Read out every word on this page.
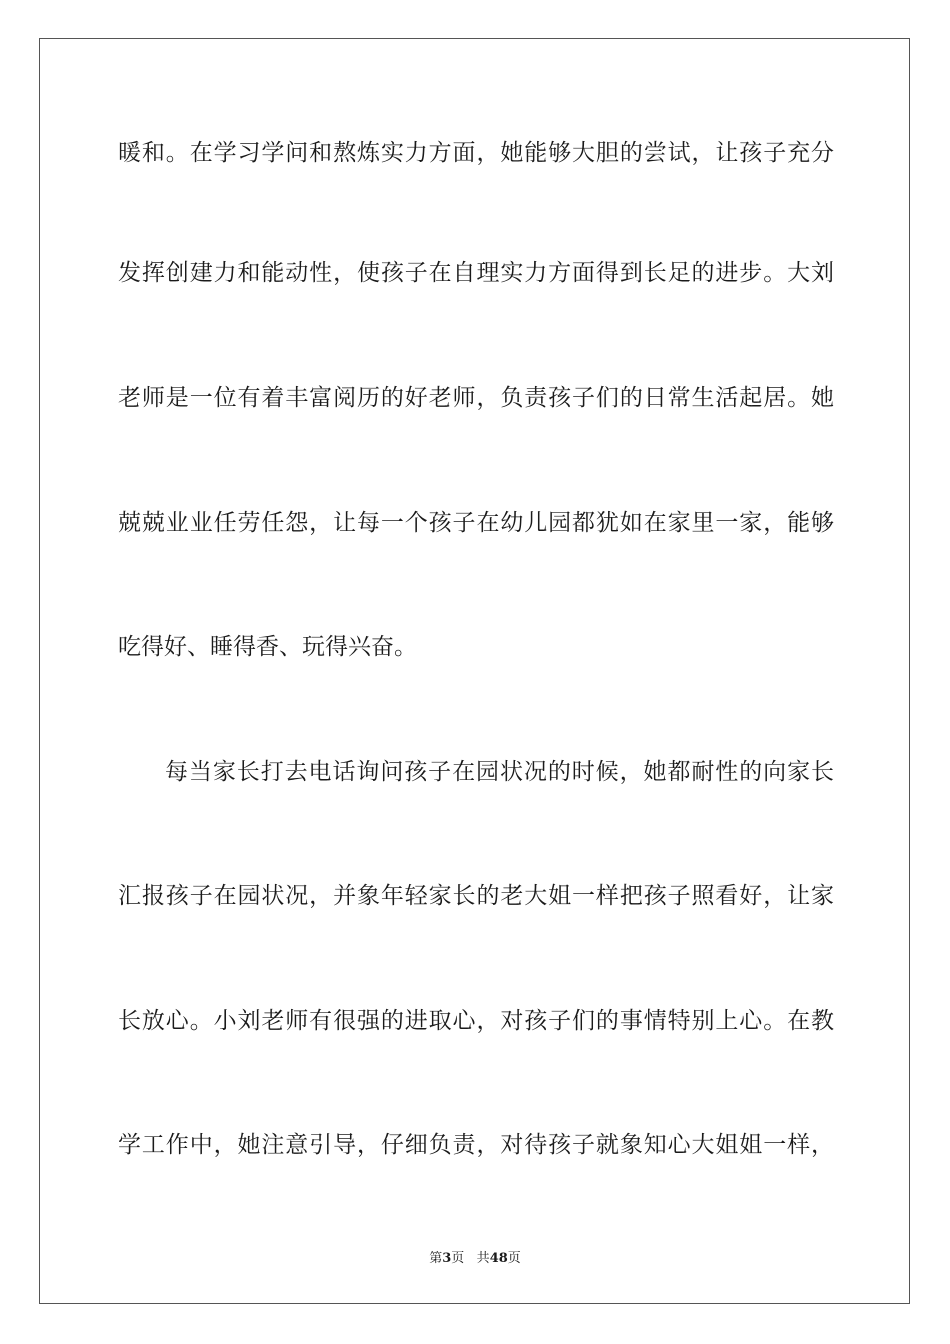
暖和。在学习学问和熬炼实力方面，她能够大胆的尝试，让孩子充分
发挥创建力和能动性，使孩子在自理实力方面得到长足的进步。大刘
老师是一位有着丰富阅历的好老师，负责孩子们的日常生活起居。她
兢兢业业任劳任怨，让每一个孩子在幼儿园都犹如在家里一家，能够
吃得好、睡得香、玩得兴奋。
每当家长打去电话询问孩子在园状况的时候，她都耐性的向家长
汇报孩子在园状况，并象年轻家长的老大姐一样把孩子照看好，让家
长放心。小刘老师有很强的进取心，对孩子们的事情特别上心。在教
学工作中，她注意引导，仔细负责，对待孩子就象知心大姐姐一样，
第3页 共48页
